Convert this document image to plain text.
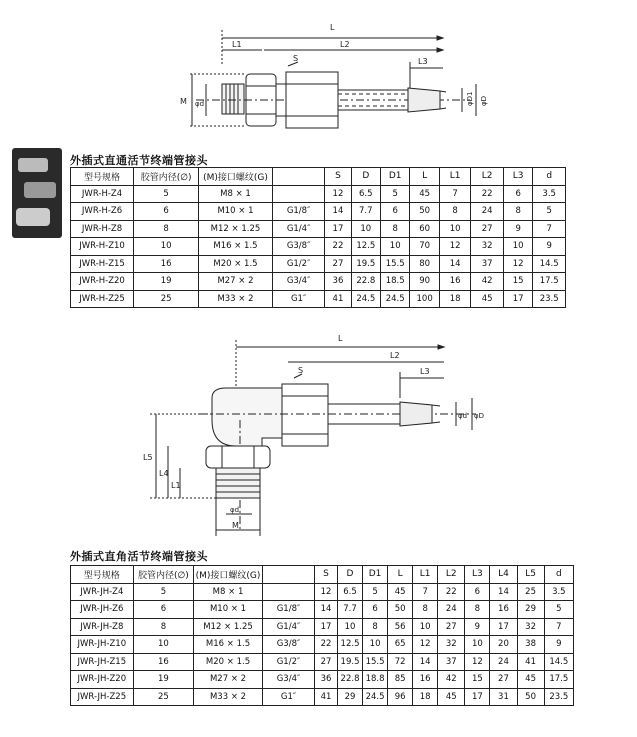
L
L2
L1
L3
S
φD1 φD
M φd
外插式直通活节终端管接头
型号规格	胶管内径(∅)	(M)接口螺纹(G)		S	D	D1	L	L1	L2	L3	d
JWR-H-Z4	5	M8 × 1		12	6.5	5	45	7	22	6	3.5
JWR-H-Z6	6	M10 × 1	G1/8″	14	7.7	6	50	8	24	8	5
JWR-H-Z8	8	M12 × 1.25	G1/4″	17	10	8	60	10	27	9	7
JWR-H-Z10	10	M16 × 1.5	G3/8″	22	12.5	10	70	12	32	10	9
JWR-H-Z15	16	M20 × 1.5	G1/2″	27	19.5	15.5	80	14	37	12	14.5
JWR-H-Z20	19	M27 × 2	G3/4″	36	22.8	18.5	90	16	42	15	17.5
JWR-H-Z25	25	M33 × 2	G1″	41	24.5	24.5	100	18	45	17	23.5
L
L2
L3
S
φd φD
φd
M
L5
L4
L1
外插式直角活节终端管接头
型号规格	胶管内径(∅)	(M)接口螺纹(G)		S	D	D1	L	L1	L2	L3	L4	L5	d
JWR-JH-Z4	5	M8 × 1		12	6.5	5	45	7	22	6	14	25	3.5
JWR-JH-Z6	6	M10 × 1	G1/8″	14	7.7	6	50	8	24	8	16	29	5
JWR-JH-Z8	8	M12 × 1.25	G1/4″	17	10	8	56	10	27	9	17	32	7
JWR-JH-Z10	10	M16 × 1.5	G3/8″	22	12.5	10	65	12	32	10	20	38	9
JWR-JH-Z15	16	M20 × 1.5	G1/2″	27	19.5	15.5	72	14	37	12	24	41	14.5
JWR-JH-Z20	19	M27 × 2	G3/4″	36	22.8	18.8	85	16	42	15	27	45	17.5
JWR-JH-Z25	25	M33 × 2	G1″	41	29	24.5	96	18	45	17	31	50	23.5
